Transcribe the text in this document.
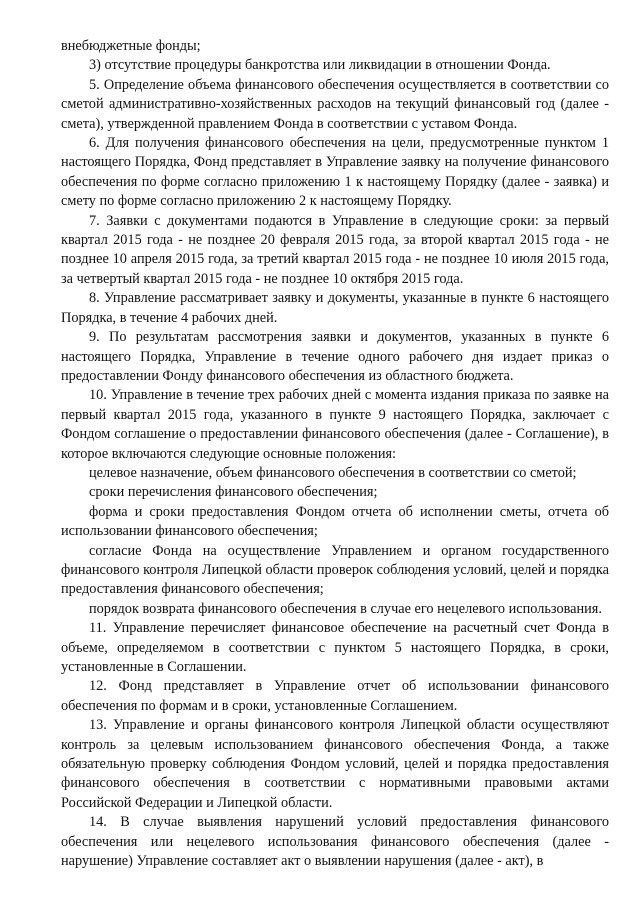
внебюджетные фонды;

3) отсутствие процедуры банкротства или ликвидации в отношении Фонда.

5. Определение объема финансового обеспечения осуществляется в соответствии со сметой административно-хозяйственных расходов на текущий финансовый год (далее - смета), утвержденной правлением Фонда в соответствии с уставом Фонда.

6. Для получения финансового обеспечения на цели, предусмотренные пунктом 1 настоящего Порядка, Фонд представляет в Управление заявку на получение финансового обеспечения по форме согласно приложению 1 к настоящему Порядку (далее - заявка) и смету по форме согласно приложению 2 к настоящему Порядку.

7. Заявки с документами подаются в Управление в следующие сроки: за первый квартал 2015 года - не позднее 20 февраля 2015 года, за второй квартал 2015 года - не позднее 10 апреля 2015 года, за третий квартал 2015 года - не позднее 10 июля 2015 года, за четвертый квартал 2015 года - не позднее 10 октября 2015 года.

8. Управление рассматривает заявку и документы, указанные в пункте 6 настоящего Порядка, в течение 4 рабочих дней.

9. По результатам рассмотрения заявки и документов, указанных в пункте 6 настоящего Порядка, Управление в течение одного рабочего дня издает приказ о предоставлении Фонду финансового обеспечения из областного бюджета.

10. Управление в течение трех рабочих дней с момента издания приказа по заявке на первый квартал 2015 года, указанного в пункте 9 настоящего Порядка, заключает с Фондом соглашение о предоставлении финансового обеспечения (далее - Соглашение), в которое включаются следующие основные положения:

целевое назначение, объем финансового обеспечения в соответствии со сметой;

сроки перечисления финансового обеспечения;

форма и сроки предоставления Фондом отчета об исполнении сметы, отчета об использовании финансового обеспечения;

согласие Фонда на осуществление Управлением и органом государственного финансового контроля Липецкой области проверок соблюдения условий, целей и порядка предоставления финансового обеспечения;

порядок возврата финансового обеспечения в случае его нецелевого использования.

11. Управление перечисляет финансовое обеспечение на расчетный счет Фонда в объеме, определяемом в соответствии с пунктом 5 настоящего Порядка, в сроки, установленные в Соглашении.

12. Фонд представляет в Управление отчет об использовании финансового обеспечения по формам и в сроки, установленные Соглашением.

13. Управление и органы финансового контроля Липецкой области осуществляют контроль за целевым использованием финансового обеспечения Фонда, а также обязательную проверку соблюдения Фондом условий, целей и порядка предоставления финансового обеспечения в соответствии с нормативными правовыми актами Российской Федерации и Липецкой области.

14. В случае выявления нарушений условий предоставления финансового обеспечения или нецелевого использования финансового обеспечения (далее - нарушение) Управление составляет акт о выявлении нарушения (далее - акт), в
